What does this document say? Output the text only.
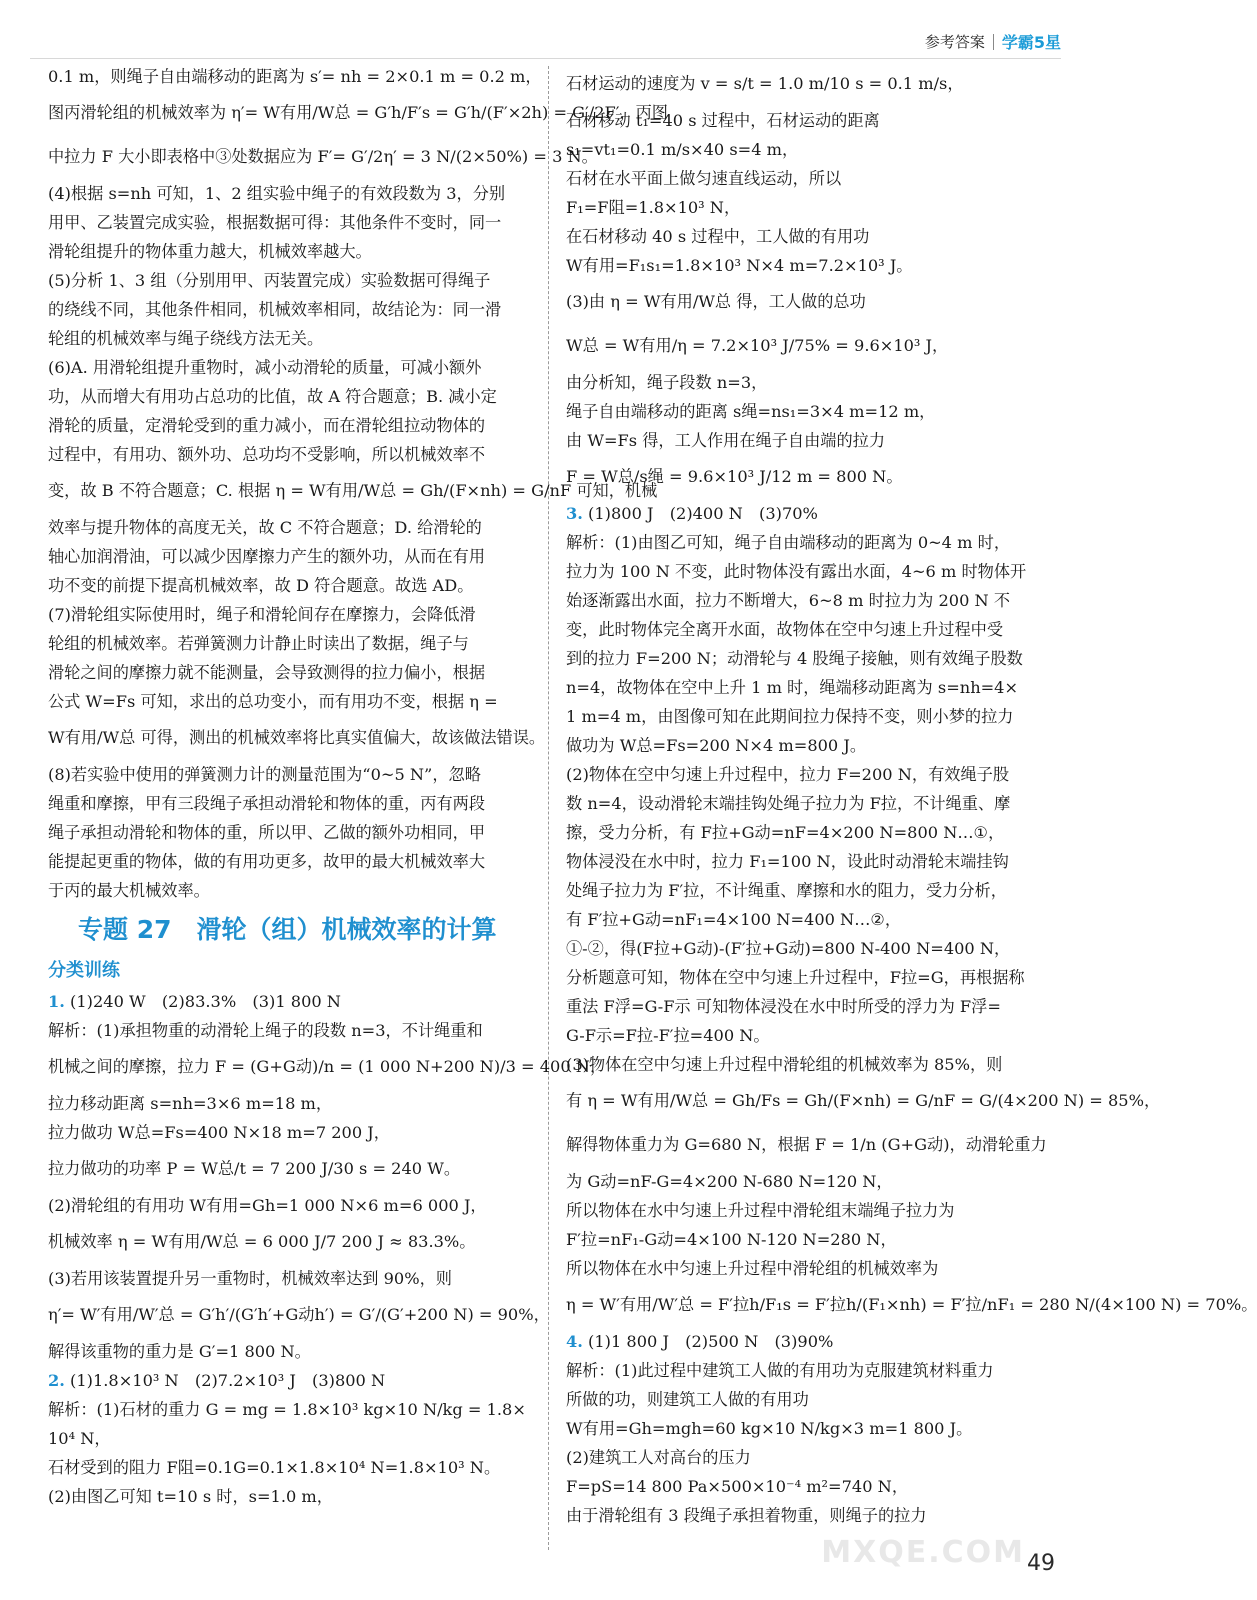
参考答案 学霸5星
0.1 m，则绳子自由端移动的距离为 s′= nh = 2×0.1 m = 0.2 m，
图丙滑轮组的机械效率为 η′= W有用/W总 = G′h/F′s = G′h/(F′×2h) = G′/2F′，丙图
中拉力 F 大小即表格中③处数据应为 F′= G′/2η′ = 3 N/(2×50%) = 3 N。
(4)根据 s=nh 可知，1、2 组实验中绳子的有效段数为 3，分别
用甲、乙装置完成实验，根据数据可得：其他条件不变时，同一
滑轮组提升的物体重力越大，机械效率越大。
(5)分析 1、3 组（分别用甲、丙装置完成）实验数据可得绳子
的绕线不同，其他条件相同，机械效率相同，故结论为：同一滑
轮组的机械效率与绳子绕线方法无关。
(6)A. 用滑轮组提升重物时，减小动滑轮的质量，可减小额外
功，从而增大有用功占总功的比值，故 A 符合题意；B. 减小定
滑轮的质量，定滑轮受到的重力减小，而在滑轮组拉动物体的
过程中，有用功、额外功、总功均不受影响，所以机械效率不
变，故 B 不符合题意；C. 根据 η = W有用/W总 = Gh/(F×nh) = G/nF 可知，机械
效率与提升物体的高度无关，故 C 不符合题意；D. 给滑轮的
轴心加润滑油，可以减少因摩擦力产生的额外功，从而在有用
功不变的前提下提高机械效率，故 D 符合题意。故选 AD。
(7)滑轮组实际使用时，绳子和滑轮间存在摩擦力，会降低滑
轮组的机械效率。若弹簧测力计静止时读出了数据，绳子与
滑轮之间的摩擦力就不能测量，会导致测得的拉力偏小，根据
公式 W=Fs 可知，求出的总功变小，而有用功不变，根据 η =
W有用/W总 可得，测出的机械效率将比真实值偏大，故该做法错误。
(8)若实验中使用的弹簧测力计的测量范围为“0~5 N”，忽略
绳重和摩擦，甲有三段绳子承担动滑轮和物体的重，丙有两段
绳子承担动滑轮和物体的重，所以甲、乙做的额外功相同，甲
能提起更重的物体，做的有用功更多，故甲的最大机械效率大
于丙的最大机械效率。
专题 27　 滑轮（组）机械效率的计算
分类训练
1. (1)240 W　(2)83.3%　(3)1 800 N
解析：(1)承担物重的动滑轮上绳子的段数 n=3，不计绳重和
机械之间的摩擦，拉力 F = (G+G动)/n = (1 000 N+200 N)/3 = 400 N，
拉力移动距离 s=nh=3×6 m=18 m，
拉力做功 W总=Fs=400 N×18 m=7 200 J，
拉力做功的功率 P = W总/t = 7 200 J/30 s = 240 W。
(2)滑轮组的有用功 W有用=Gh=1 000 N×6 m=6 000 J，
机械效率 η = W有用/W总 = 6 000 J/7 200 J ≈ 83.3%。
(3)若用该装置提升另一重物时，机械效率达到 90%，则
η′= W′有用/W′总 = G′h′/(G′h′+G动h′) = G′/(G′+200 N) = 90%，
解得该重物的重力是 G′=1 800 N。
2. (1)1.8×10³ N　(2)7.2×10³ J　(3)800 N
解析：(1)石材的重力 G = mg = 1.8×10³ kg×10 N/kg = 1.8×
10⁴ N，
石材受到的阻力 F阻=0.1G=0.1×1.8×10⁴ N=1.8×10³ N。
(2)由图乙可知 t=10 s 时，s=1.0 m，
石材运动的速度为 v = s/t = 1.0 m/10 s = 0.1 m/s，
石材移动 t₁=40 s 过程中，石材运动的距离
s₁=vt₁=0.1 m/s×40 s=4 m，
石材在水平面上做匀速直线运动，所以
F₁=F阻=1.8×10³ N，
在石材移动 40 s 过程中，工人做的有用功
W有用=F₁s₁=1.8×10³ N×4 m=7.2×10³ J。
(3)由 η = W有用/W总 得，工人做的总功
W总 = W有用/η = 7.2×10³ J/75% = 9.6×10³ J，
由分析知，绳子段数 n=3，
绳子自由端移动的距离 s绳=ns₁=3×4 m=12 m，
由 W=Fs 得，工人作用在绳子自由端的拉力
F = W总/s绳 = 9.6×10³ J/12 m = 800 N。
3. (1)800 J　(2)400 N　(3)70%
解析：(1)由图乙可知，绳子自由端移动的距离为 0~4 m 时，
拉力为 100 N 不变，此时物体没有露出水面，4~6 m 时物体开
始逐渐露出水面，拉力不断增大，6~8 m 时拉力为 200 N 不
变，此时物体完全离开水面，故物体在空中匀速上升过程中受
到的拉力 F=200 N；动滑轮与 4 股绳子接触，则有效绳子股数
n=4，故物体在空中上升 1 m 时，绳端移动距离为 s=nh=4×
1 m=4 m，由图像可知在此期间拉力保持不变，则小梦的拉力
做功为 W总=Fs=200 N×4 m=800 J。
(2)物体在空中匀速上升过程中，拉力 F=200 N，有效绳子股
数 n=4，设动滑轮末端挂钩处绳子拉力为 F拉，不计绳重、摩
擦，受力分析，有 F拉+G动=nF=4×200 N=800 N…①，
物体浸没在水中时，拉力 F₁=100 N，设此时动滑轮末端挂钩
处绳子拉力为 F′拉，不计绳重、摩擦和水的阻力，受力分析，
有 F′拉+G动=nF₁=4×100 N=400 N…②，
①-②，得(F拉+G动)-(F′拉+G动)=800 N-400 N=400 N，
分析题意可知，物体在空中匀速上升过程中，F拉=G，再根据称
重法 F浮=G-F示 可知物体浸没在水中时所受的浮力为 F浮=
G-F示=F拉-F′拉=400 N。
(3)物体在空中匀速上升过程中滑轮组的机械效率为 85%，则
有 η = W有用/W总 = Gh/Fs = Gh/(F×nh) = G/nF = G/(4×200 N) = 85%，
解得物体重力为 G=680 N，根据 F = 1/n (G+G动)，动滑轮重力
为 G动=nF-G=4×200 N-680 N=120 N，
所以物体在水中匀速上升过程中滑轮组末端绳子拉力为
F′拉=nF₁-G动=4×100 N-120 N=280 N，
所以物体在水中匀速上升过程中滑轮组的机械效率为
η = W′有用/W′总 = F′拉h/F₁s = F′拉h/(F₁×nh) = F′拉/nF₁ = 280 N/(4×100 N) = 70%。
4. (1)1 800 J　(2)500 N　(3)90%
解析：(1)此过程中建筑工人做的有用功为克服建筑材料重力
所做的功，则建筑工人做的有用功
W有用=Gh=mgh=60 kg×10 N/kg×3 m=1 800 J。
(2)建筑工人对高台的压力
F=pS=14 800 Pa×500×10⁻⁴ m²=740 N，
由于滑轮组有 3 段绳子承担着物重，则绳子的拉力
MXQE.COM 49
